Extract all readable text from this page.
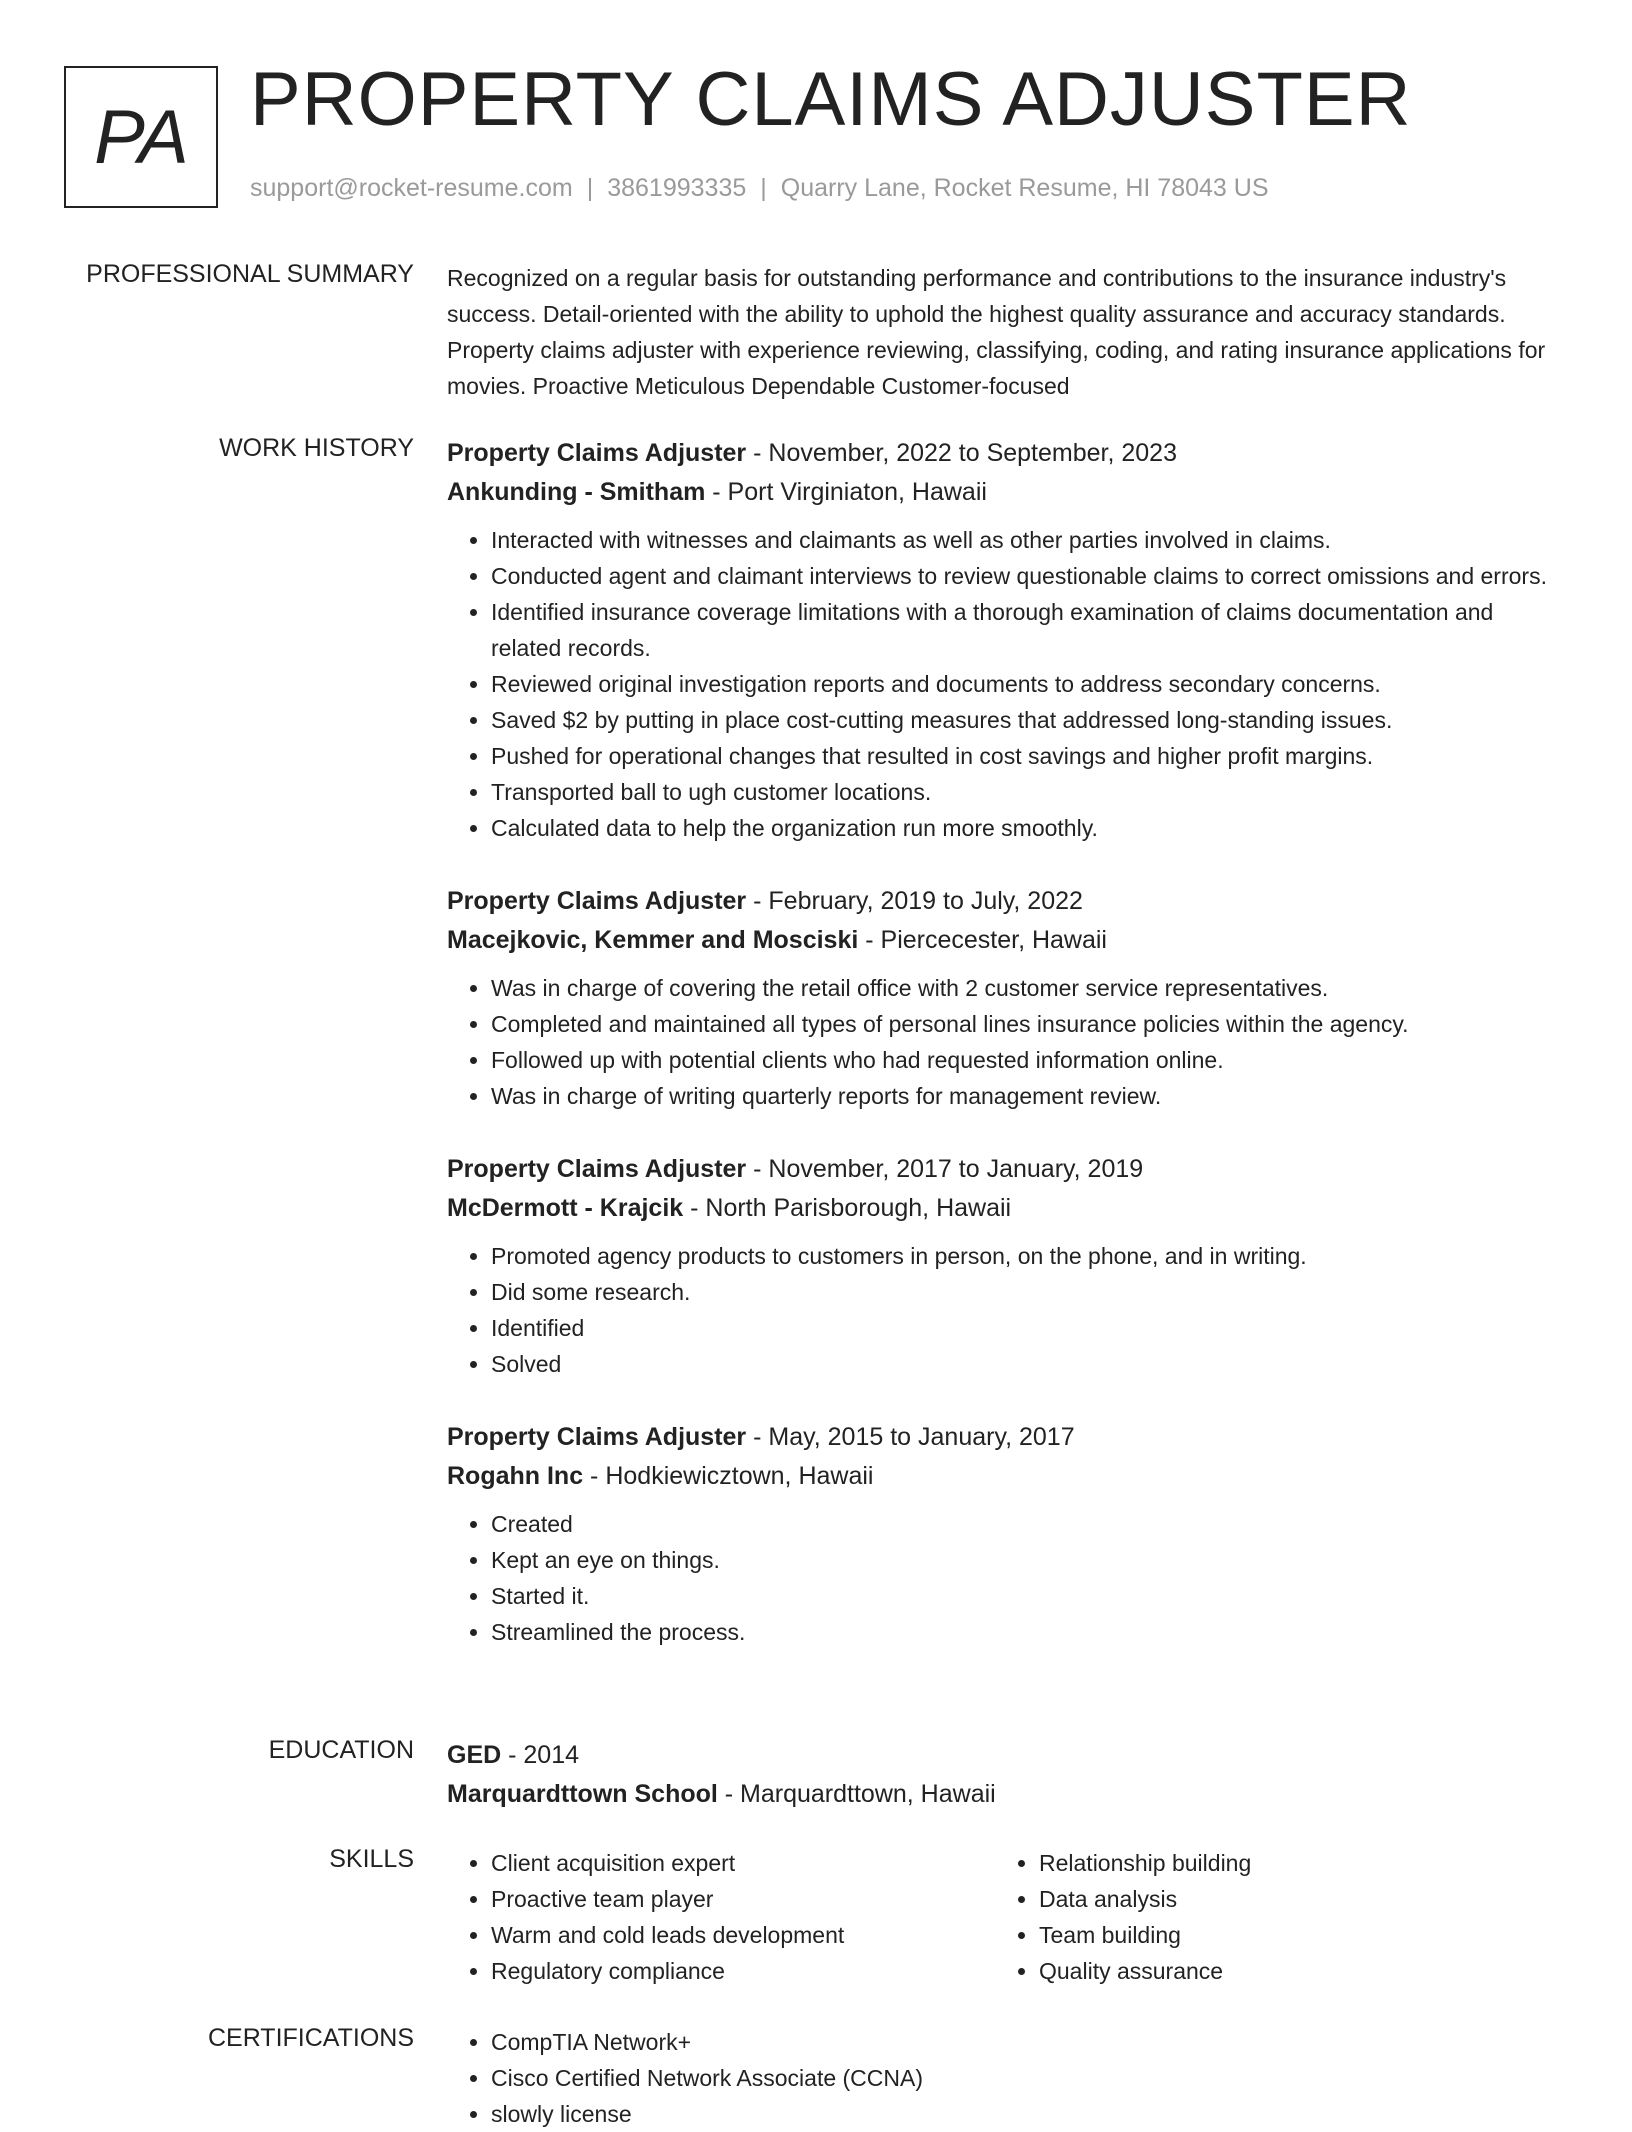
PA PROPERTY CLAIMS ADJUSTER
support@rocket-resume.com | 3861993335 | Quarry Lane, Rocket Resume, HI 78043 US
PROFESSIONAL SUMMARY Recognized on a regular basis for outstanding performance and contributions to the insurance industry's success. Detail-oriented with the ability to uphold the highest quality assurance and accuracy standards. Property claims adjuster with experience reviewing, classifying, coding, and rating insurance applications for movies. Proactive Meticulous Dependable Customer-focused
WORK HISTORY Property Claims Adjuster - November, 2022 to September, 2023
Ankunding - Smitham - Port Virginiaton, Hawaii
• Interacted with witnesses and claimants as well as other parties involved in claims.
• Conducted agent and claimant interviews to review questionable claims to correct omissions and errors.
• Identified insurance coverage limitations with a thorough examination of claims documentation and related records.
• Reviewed original investigation reports and documents to address secondary concerns.
• Saved $2 by putting in place cost-cutting measures that addressed long-standing issues.
• Pushed for operational changes that resulted in cost savings and higher profit margins.
• Transported ball to ugh customer locations.
• Calculated data to help the organization run more smoothly.
Property Claims Adjuster - February, 2019 to July, 2022
Macejkovic, Kemmer and Mosciski - Piercecester, Hawaii
• Was in charge of covering the retail office with 2 customer service representatives.
• Completed and maintained all types of personal lines insurance policies within the agency.
• Followed up with potential clients who had requested information online.
• Was in charge of writing quarterly reports for management review.
Property Claims Adjuster - November, 2017 to January, 2019
McDermott - Krajcik - North Parisborough, Hawaii
• Promoted agency products to customers in person, on the phone, and in writing.
• Did some research.
• Identified
• Solved
Property Claims Adjuster - May, 2015 to January, 2017
Rogahn Inc - Hodkiewicztown, Hawaii
• Created
• Kept an eye on things.
• Started it.
• Streamlined the process.
EDUCATION GED - 2014
Marquardttown School - Marquardttown, Hawaii
SKILLS	• Client acquisition expert
• Proactive team player
• Warm and cold leads development
• Regulatory compliance
• Relationship building
• Data analysis
• Team building
• Quality assurance
CERTIFICATIONS	• CompTIA Network+
• Cisco Certified Network Associate (CCNA)
• slowly license
